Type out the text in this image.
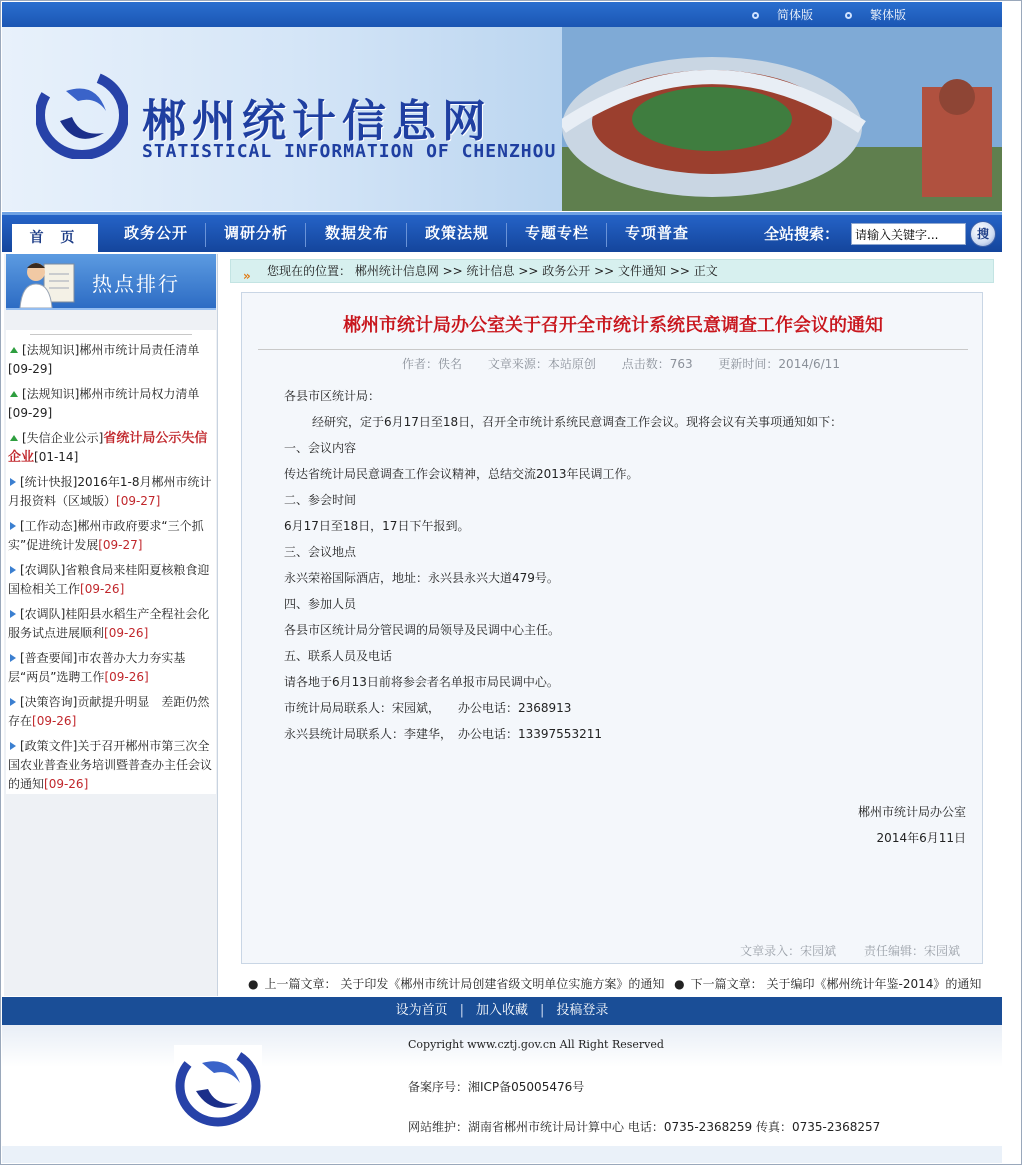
简体版	繁体版
郴州统计信息网
STATISTICAL INFORMATION OF CHENZHOU
首 页	政务公开 调研分析 数据发布 政策法规 专题专栏 专项普查	全站搜索：
请输入关键字...	搜
热点排行
[法规知识]郴州市统计局责任清单
[09-29]
[法规知识]郴州市统计局权力清单
[09-29]
[失信企业公示]省统计局公示失信企业[01-14]
[统计快报]2016年1-8月郴州市统计月报资料（区域版）[09-27]
[工作动态]郴州市政府要求“三个抓实”促进统计发展[09-27]
[农调队]省粮食局来桂阳夏核粮食迎国检相关工作[09-26]
[农调队]桂阳县水稻生产全程社会化服务试点进展顺利[09-26]
[普查要闻]市农普办大力夯实基层“两员”选聘工作[09-26]
[决策咨询]贡献提升明显　差距仍然存在[09-26]
[政策文件]关于召开郴州市第三次全国农业普查业务培训暨普查办主任会议的通知[09-26]
» 您现在的位置： 郴州统计信息网 >> 统计信息 >> 政务公开 >> 文件通知 >> 正文
郴州市统计局办公室关于召开全市统计系统民意调查工作会议的通知
作者：佚名 文章来源：本站原创 点击数：763 更新时间：2014/6/11

各县市区统计局：

经研究，定于6月17日至18日，召开全市统计系统民意调查工作会议。现将会议有关事项通知如下：

一、会议内容

传达省统计局民意调查工作会议精神，总结交流2013年民调工作。

二、参会时间

6月17日至18日，17日下午报到。

三、会议地点

永兴荣裕国际酒店，地址：永兴县永兴大道479号。

四、参加人员

各县市区统计局分管民调的局领导及民调中心主任。

五、联系人员及电话

请各地于6月13日前将参会者名单报市局民调中心。

市统计局局联系人：宋园斌，　　办公电话：2368913

永兴县统计局联系人：李建华，　办公电话：13397553211

郴州市统计局办公室
2014年6月11日
文章录入：宋园斌 责任编辑：宋园斌
● 上一篇文章： 关于印发《郴州市统计局创建省级文明单位实施方案》的通知 ● 下一篇文章： 关于编印《郴州统计年鉴-2014》的通知
设为首页 | 加入收藏 | 投稿登录
Copyright www.cztj.gov.cn All Right Reserved
备案序号：湘ICP备05005476号
网站维护：湖南省郴州市统计局计算中心 电话：0735-2368259 传真：0735-2368257
